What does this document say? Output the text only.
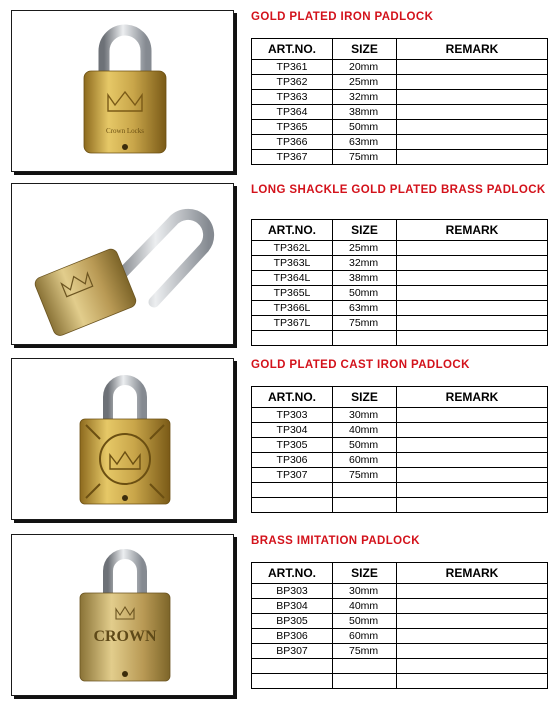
Crown Locks
GOLD PLATED IRON PADLOCK
ART.NO.	SIZE	REMARK
TP361	20mm	
TP362	25mm	
TP363	32mm	
TP364	38mm	
TP365	50mm	
TP366	63mm	
TP367	75mm	
LONG SHACKLE GOLD PLATED BRASS PADLOCK
ART.NO.	SIZE	REMARK
TP362L	25mm	
TP363L	32mm	
TP364L	38mm	
TP365L	50mm	
TP366L	63mm	
TP367L	75mm	

GOLD PLATED CAST IRON PADLOCK
ART.NO.	SIZE	REMARK
TP303	30mm	
TP304	40mm	
TP305	50mm	
TP306	60mm	
TP307	75mm	

CROWN
BRASS IMITATION PADLOCK
ART.NO.	SIZE	REMARK
BP303	30mm	
BP304	40mm	
BP305	50mm	
BP306	60mm	
BP307	75mm	
